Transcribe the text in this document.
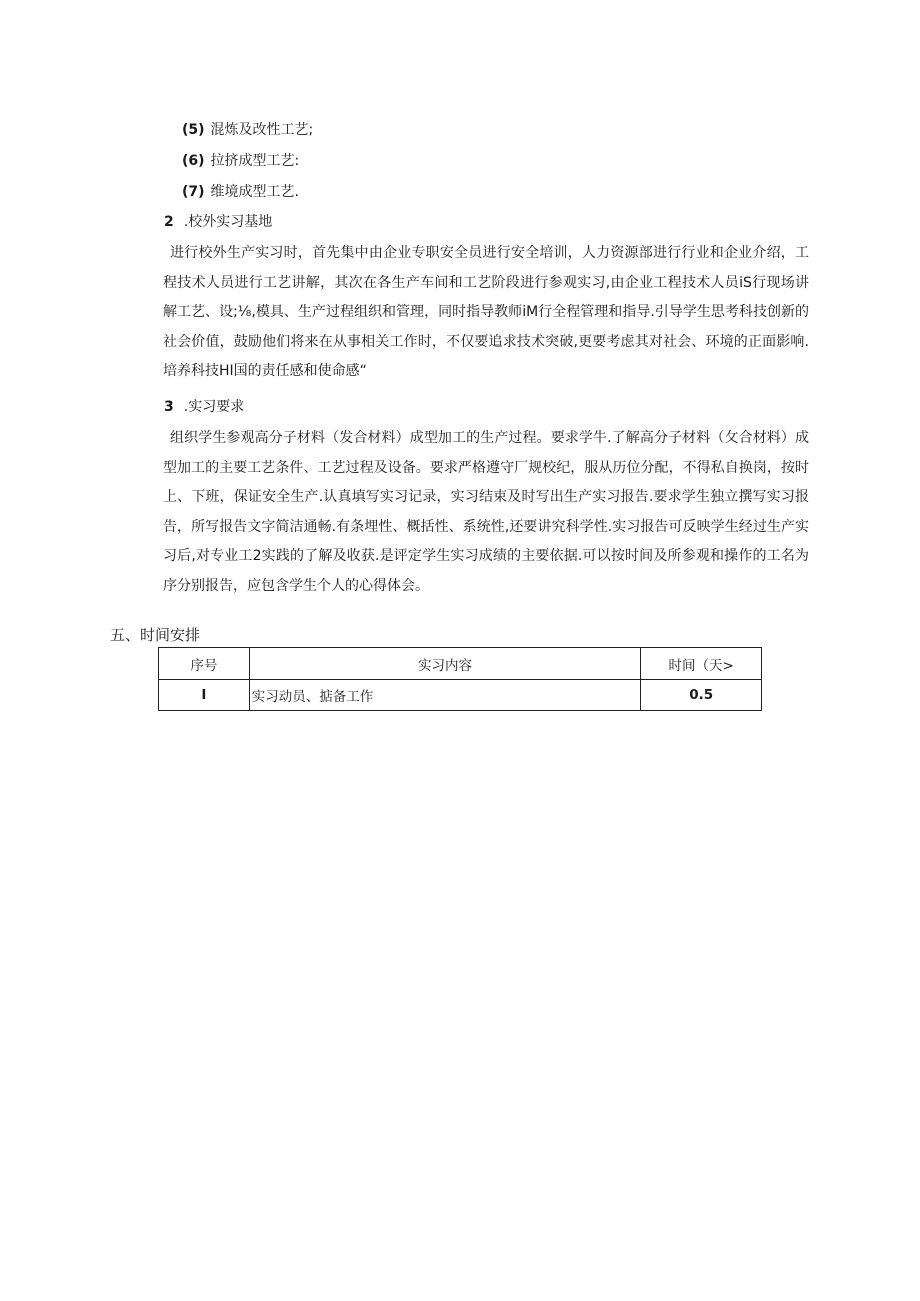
(5) 混炼及改性工艺;
(6) 拉挤成型工艺:
(7) 维境成型工艺.
2 .校外实习基地
进行校外生产实习时，首先集中由企业专职安全员进行安全培训，人力资源部进行行业和企业介绍，工程技术人员进行工艺讲解，其次在各生产车间和工艺阶段进行参观实习,由企业工程技术人员iS行现场讲解工艺、设;⅛,模具、生产过程组织和管理，同时指导教师iM行全程管理和指导.引导学生思考科技创新的社会价值，鼓励他们将来在从事相关工作时，不仅要追求技术突破,更要考虑其对社会、环境的正面影响.培养科技HI国的责任感和使命感“
3 .实习要求
组织学生参观高分子材料（发合材料）成型加工的生产过程。要求学牛.了解高分子材料（攵合材料）成型加工的主要工艺条件、工艺过程及设备。要求严格遵守厂规校纪，服从历位分配，不得私自换岗，按时上、下班，保证安全生产.认真填写实习记录，实习结束及时写出生产实习报告.要求学生独立撰写实习报告，所写报告文字简洁通畅.有条埋性、概括性、系统性,还要讲究科学性.实习报告可反映学生经过生产实习后,对专业工2实践的了解及收获.是评定学生实习成绩的主要依据.可以按时间及所参观和操作的工名为序分别报告，应包含学生个人的心得体会。
五、时间安排
序号	实习内容	时间（天>
I	实习动员、掂备工作	0.5
